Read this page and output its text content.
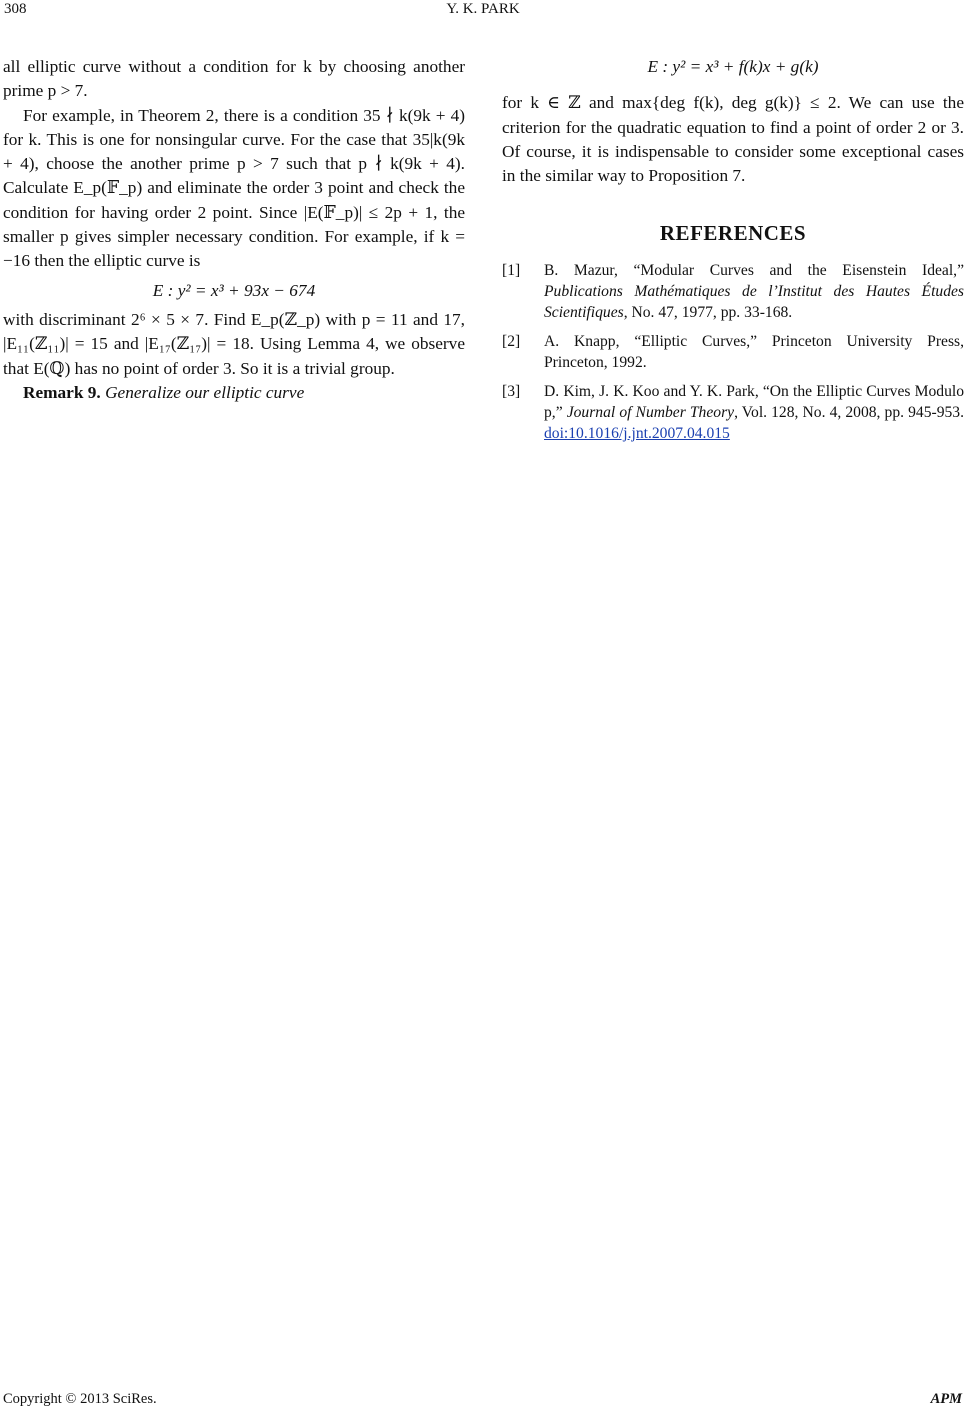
308	Y. K. PARK

all elliptic curve without a condition for k by choosing another prime p > 7.

For example, in Theorem 2, there is a condition 35 ∤ k(9k + 4) for k. This is one for nonsingular curve. For the case that 35|k(9k + 4), choose the another prime p > 7 such that p ∤ k(9k + 4). Calculate E_p(𝔽_p) and eliminate the order 3 point and check the condition for having order 2 point. Since |E(𝔽_p)| ≤ 2p + 1, the smaller p gives simpler necessary condition. For example, if k = −16 then the elliptic curve is

E : y² = x³ + 93x − 674

with discriminant 2⁶ × 5 × 7. Find E_p(ℤ_p) with p = 11 and 17, |E₁₁(ℤ₁₁)| = 15 and |E₁₇(ℤ₁₇)| = 18. Using Lemma 4, we observe that E(ℚ) has no point of order 3. So it is a trivial group.

Remark 9. Generalize our elliptic curve

E : y² = x³ + f(k)x + g(k)

for k ∈ ℤ and max{deg f(k), deg g(k)} ≤ 2. We can use the criterion for the quadratic equation to find a point of order 2 or 3. Of course, it is indispensable to consider some exceptional cases in the similar way to Proposition 7.

REFERENCES
[1] B. Mazur, “Modular Curves and the Eisenstein Ideal,” Publications Mathématiques de l’Institut des Hautes Études Scientifiques, No. 47, 1977, pp. 33-168.
[2] A. Knapp, “Elliptic Curves,” Princeton University Press, Princeton, 1992.
[3] D. Kim, J. K. Koo and Y. K. Park, “On the Elliptic Curves Modulo p,” Journal of Number Theory, Vol. 128, No. 4, 2008, pp. 945-953. doi:10.1016/j.jnt.2007.04.015
Copyright © 2013 SciRes.	APM
